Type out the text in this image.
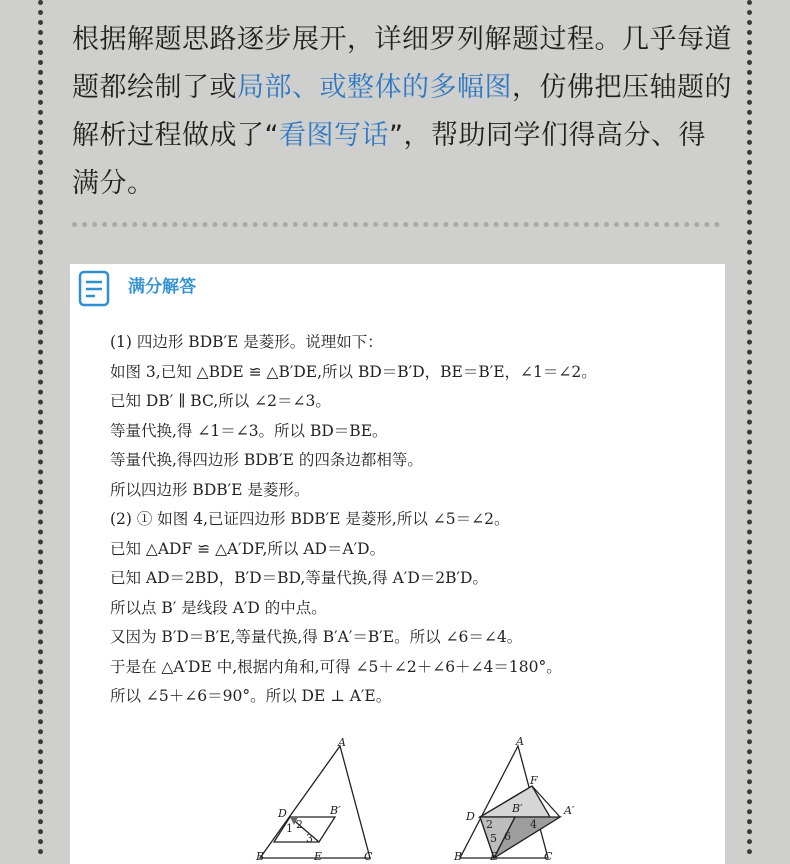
根据解题思路逐步展开，详细罗列解题过程。几乎每道题都绘制了或局部、或整体的多幅图，仿佛把压轴题的解析过程做成了“看图写话”，帮助同学们得高分、得满分。
满分解答
(1) 四边形 BDB′E 是菱形。说理如下：
如图 3,已知 △BDE ≌ △B′DE,所以 BD＝B′D，BE＝B′E，∠1＝∠2。
已知 DB′ ∥ BC,所以 ∠2＝∠3。
等量代换,得 ∠1＝∠3。所以 BD＝BE。
等量代换,得四边形 BDB′E 的四条边都相等。
所以四边形 BDB′E 是菱形。
(2) ① 如图 4,已证四边形 BDB′E 是菱形,所以 ∠5＝∠2。
已知 △ADF ≌ △A′DF,所以 AD＝A′D。
已知 AD＝2BD，B′D＝BD,等量代换,得 A′D＝2B′D。
所以点 B′ 是线段 A′D 的中点。
又因为 B′D＝B′E,等量代换,得 B′A′＝B′E。所以 ∠6＝∠4。
于是在 △A′DE 中,根据内角和,可得 ∠5＋∠2＋∠6＋∠4＝180°。
所以 ∠5＋∠6＝90°。所以 DE ⊥ A′E。
A
D	B′
1 2
3
B	E	C
A
F
B′	A′
D
2
5 6
4
B	E	C
